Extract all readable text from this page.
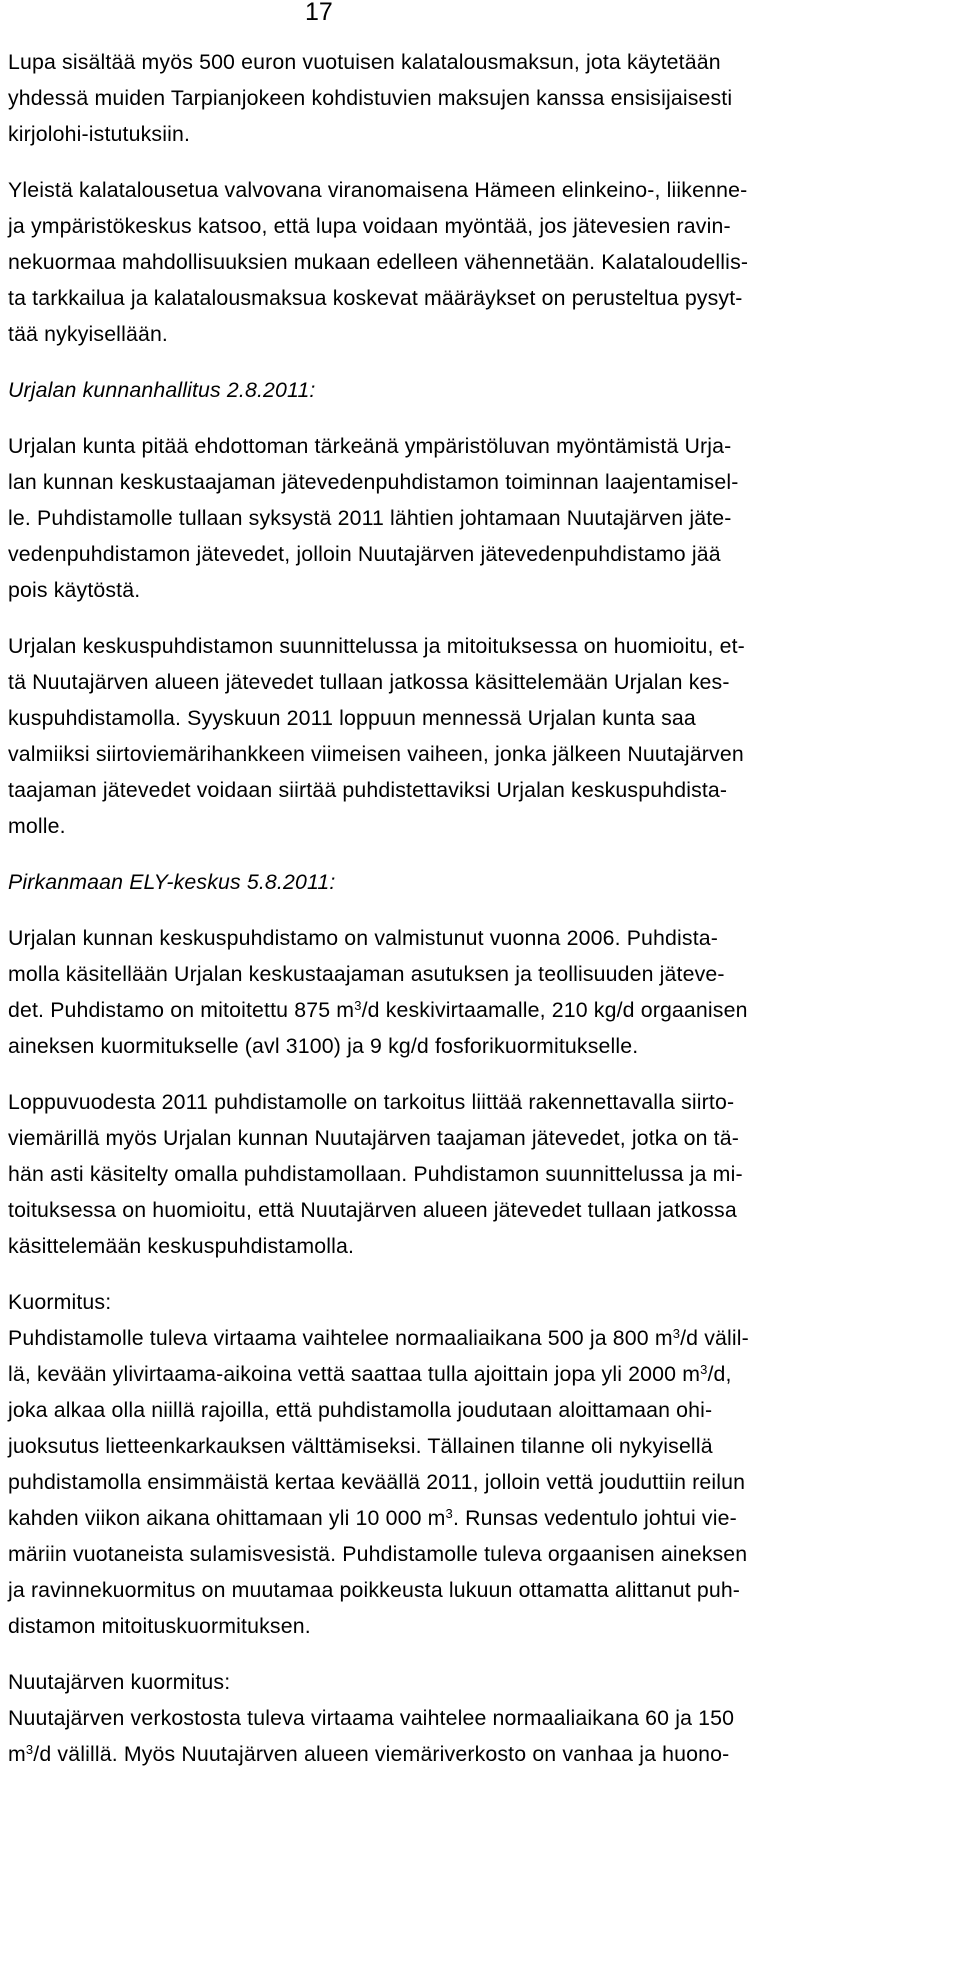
17
Lupa sisältää myös 500 euron vuotuisen kalatalousmaksun, jota käytetään
yhdessä muiden Tarpianjokeen kohdistuvien maksujen kanssa ensisijaisesti
kirjolohi-istutuksiin.
Yleistä kalatalousetua valvovana viranomaisena Hämeen elinkeino-, liikenne-
ja ympäristökeskus katsoo, että lupa voidaan myöntää, jos jätevesien ravin-
nekuormaa mahdollisuuksien mukaan edelleen vähennetään. Kalataloudellis-
ta tarkkailua ja kalatalousmaksua koskevat määräykset on perusteltua pysyt-
tää nykyisellään.
Urjalan kunnanhallitus 2.8.2011:
Urjalan kunta pitää ehdottoman tärkeänä ympäristöluvan myöntämistä Urja-
lan kunnan keskustaajaman jätevedenpuhdistamon toiminnan laajentamisel-
le. Puhdistamolle tullaan syksystä 2011 lähtien johtamaan Nuutajärven jäte-
vedenpuhdistamon jätevedet, jolloin Nuutajärven jätevedenpuhdistamo jää
pois käytöstä.
Urjalan keskuspuhdistamon suunnittelussa ja mitoituksessa on huomioitu, et-
tä Nuutajärven alueen jätevedet tullaan jatkossa käsittelemään Urjalan kes-
kuspuhdistamolla. Syyskuun 2011 loppuun mennessä Urjalan kunta saa
valmiiksi siirtoviemärihankkeen viimeisen vaiheen, jonka jälkeen Nuutajärven
taajaman jätevedet voidaan siirtää puhdistettaviksi Urjalan keskuspuhdista-
molle.
Pirkanmaan ELY-keskus 5.8.2011:
Urjalan kunnan keskuspuhdistamo on valmistunut vuonna 2006. Puhdista-
molla käsitellään Urjalan keskustaajaman asutuksen ja teollisuuden jäteve-
det. Puhdistamo on mitoitettu 875 $m^3/d$ keskivirtaamalle, 210 kg/d orgaanisen
aineksen kuormitukselle (avl 3100) ja 9 kg/d fosforikuormitukselle.
Loppuvuodesta 2011 puhdistamolle on tarkoitus liittää rakennettavalla siirto-
viemärillä myös Urjalan kunnan Nuutajärven taajaman jätevedet, jotka on tä-
hän asti käsitelty omalla puhdistamollaan. Puhdistamon suunnittelussa ja mi-
toituksessa on huomioitu, että Nuutajärven alueen jätevedet tullaan jatkossa
käsittelemään keskuspuhdistamolla.
Kuormitus:
Puhdistamolle tuleva virtaama vaihtelee normaaliaikana 500 ja 800 $m^3/d$ välil-
lä, kevään ylivirtaama-aikoina vettä saattaa tulla ajoittain jopa yli 2000 $m^3/d$,
joka alkaa olla niillä rajoilla, että puhdistamolla joudutaan aloittamaan ohi-
juoksutus lietteenkarkauksen välttämiseksi. Tällainen tilanne oli nykyisellä
puhdistamolla ensimmäistä kertaa keväällä 2011, jolloin vettä jouduttiin reilun
kahden viikon aikana ohittamaan yli 10 000 $m^3$. Runsas vedentulo johtui vie-
märiin vuotaneista sulamisvesistä. Puhdistamolle tuleva orgaanisen aineksen
ja ravinnekuormitus on muutamaa poikkeusta lukuun ottamatta alittanut puh-
distamon mitoituskuormituksen.
Nuutajärven kuormitus:
Nuutajärven verkostosta tuleva virtaama vaihtelee normaaliaikana 60 ja 150
$m^3/d$ välillä. Myös Nuutajärven alueen viemäriverkosto on vanhaa ja huono-
